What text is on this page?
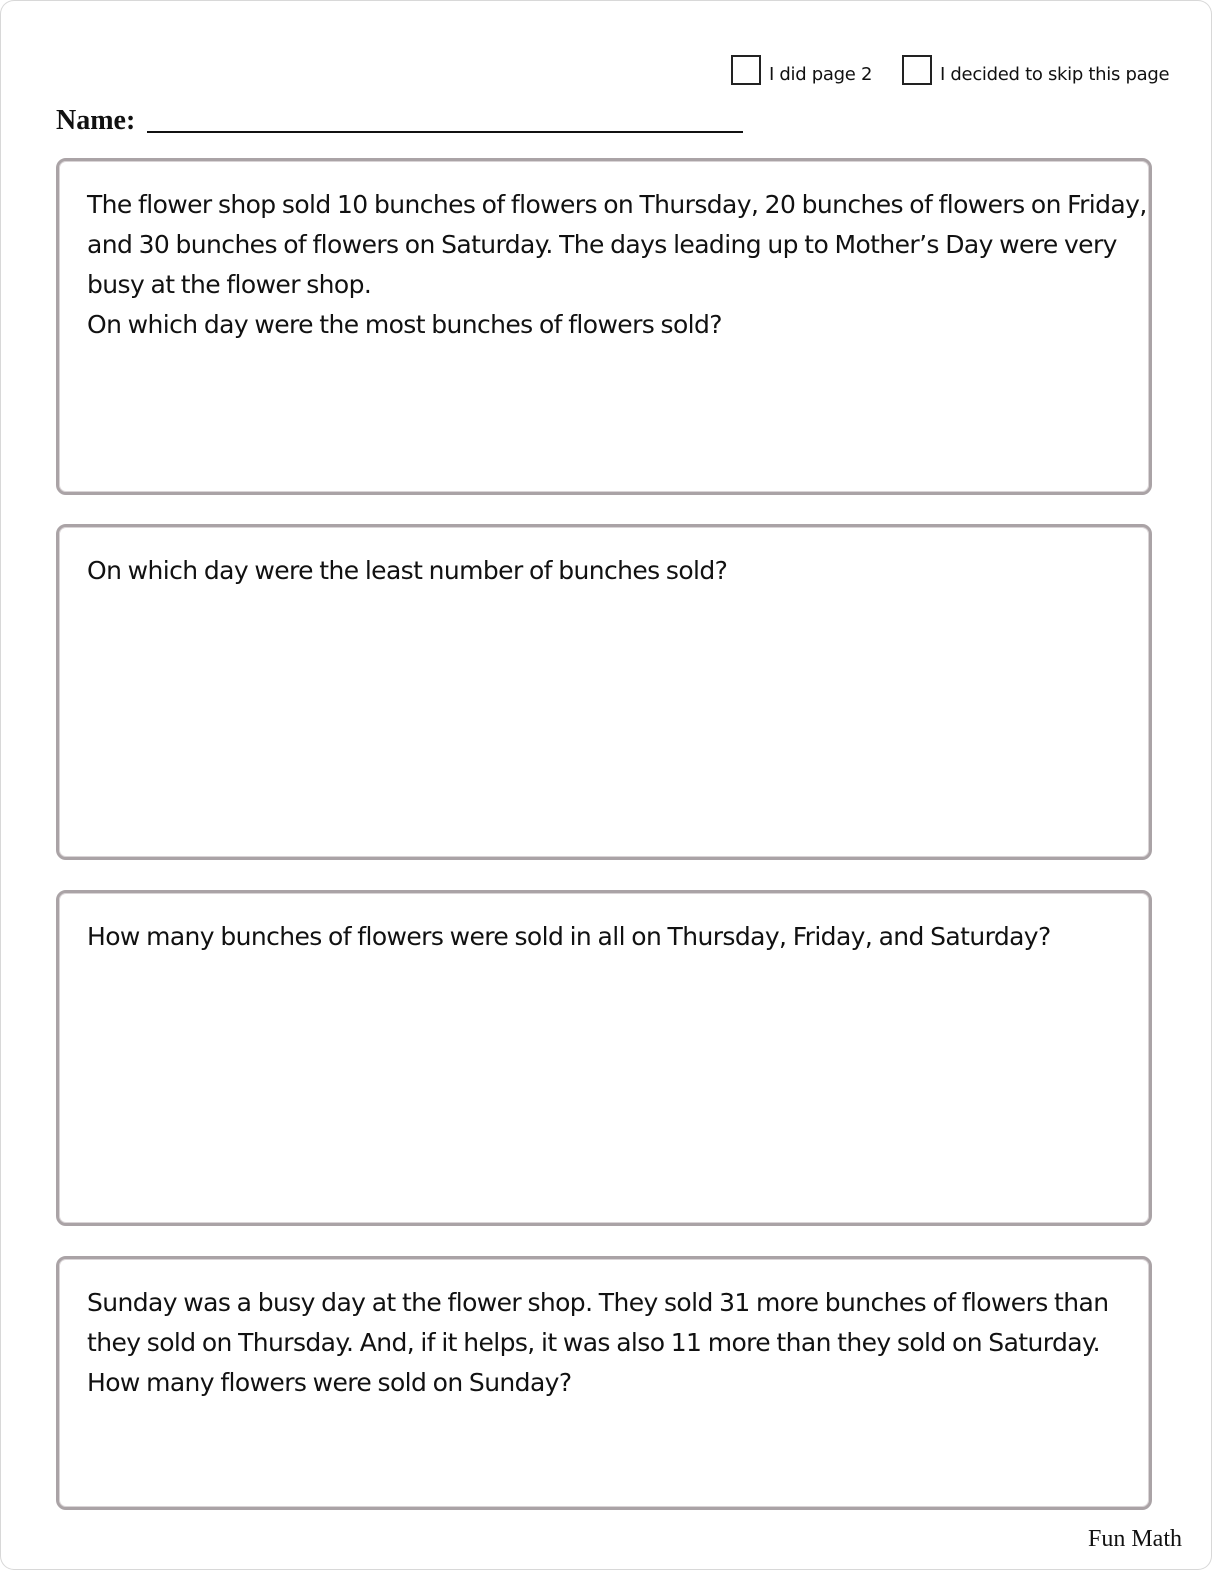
I did page 2	I decided to skip this page
Name:
The flower shop sold 10 bunches of flowers on Thursday, 20 bunches of flowers on Friday,
and 30 bunches of flowers on Saturday. The days leading up to Mother’s Day were very
busy at the flower shop.
On which day were the most bunches of flowers sold?
On which day were the least number of bunches sold?
How many bunches of flowers were sold in all on Thursday, Friday, and Saturday?
Sunday was a busy day at the flower shop. They sold 31 more bunches of flowers than
they sold on Thursday. And, if it helps, it was also 11 more than they sold on Saturday.
How many flowers were sold on Sunday?
Fun Math
